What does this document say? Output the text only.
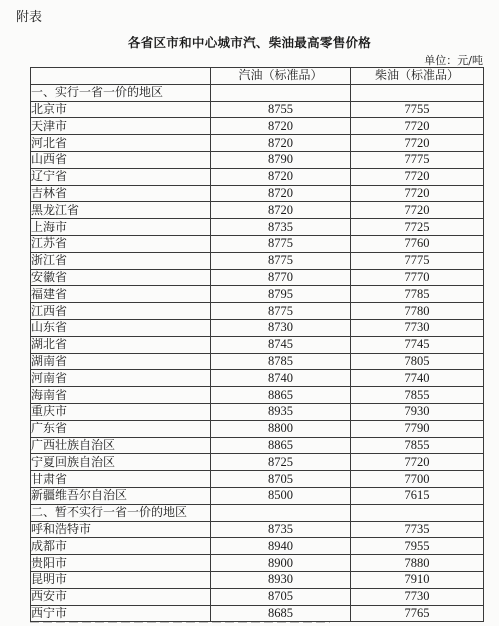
附表
各省区市和中心城市汽、柴油最高零售价格
单位：元/吨
	汽油（标准品）	柴油（标准品）
一、实行一省一价的地区		
北京市	8755	7755
天津市	8720	7720
河北省	8720	7720
山西省	8790	7775
辽宁省	8720	7720
吉林省	8720	7720
黑龙江省	8720	7720
上海市	8735	7725
江苏省	8775	7760
浙江省	8775	7775
安徽省	8770	7770
福建省	8795	7785
江西省	8775	7780
山东省	8730	7730
湖北省	8745	7745
湖南省	8785	7805
河南省	8740	7740
海南省	8865	7855
重庆市	8935	7930
广东省	8800	7790
广西壮族自治区	8865	7855
宁夏回族自治区	8725	7720
甘肃省	8705	7700
新疆维吾尔自治区	8500	7615
二、暂不实行一省一价的地区		
呼和浩特市	8735	7735
成都市	8940	7955
贵阳市	8900	7880
昆明市	8930	7910
西安市	8705	7730
西宁市	8685	7765
